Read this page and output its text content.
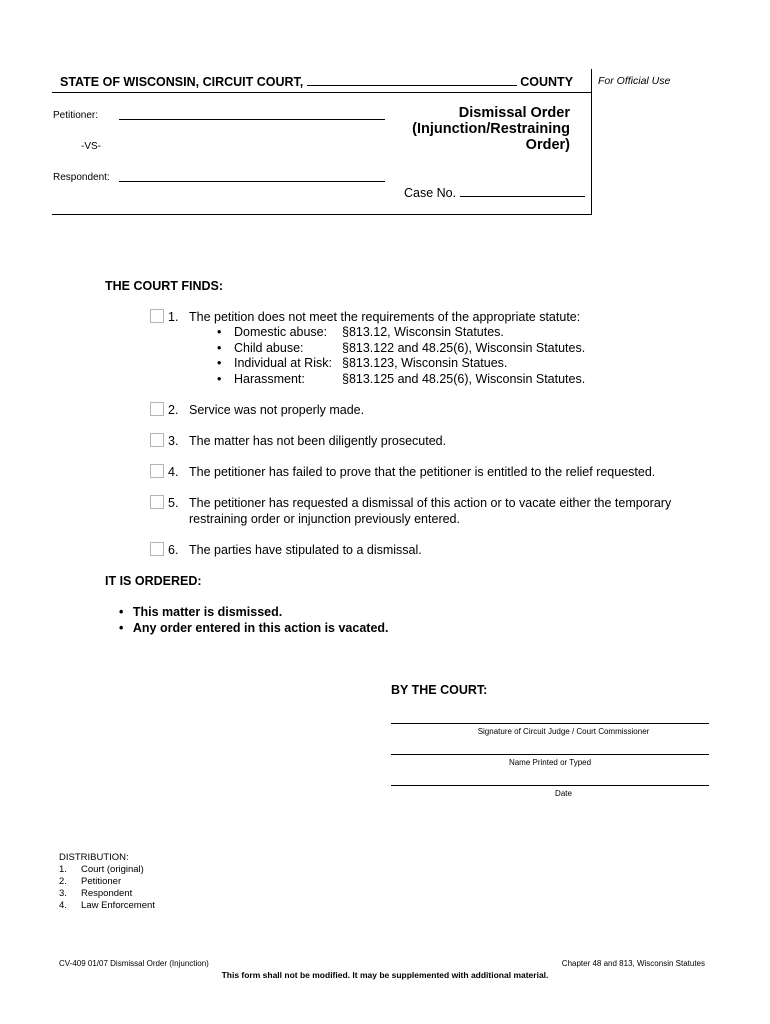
STATE OF WISCONSIN, CIRCUIT COURT,	COUNTY For Official Use
Petitioner:
-VS-
Respondent:
Dismissal Order (Injunction/Restraining Order)
Case No.
THE COURT FINDS:
1. The petition does not meet the requirements of the appropriate statute:
• Domestic abuse: §813.12, Wisconsin Statutes.
• Child abuse:	§813.122 and 48.25(6), Wisconsin Statutes.
• Individual at Risk: §813.123, Wisconsin Statues.
• Harassment:	§813.125 and 48.25(6), Wisconsin Statutes.
2. Service was not properly made.
3. The matter has not been diligently prosecuted.
4. The petitioner has failed to prove that the petitioner is entitled to the relief requested.
5. The petitioner has requested a dismissal of this action or to vacate either the temporary
restraining order or injunction previously entered.
6. The parties have stipulated to a dismissal.
IT IS ORDERED:
• This matter is dismissed.
• Any order entered in this action is vacated.
BY THE COURT:
Signature of Circuit Judge / Court Commissioner
Name Printed or Typed
Date
DISTRIBUTION:
1. Court (original)
2. Petitioner
3. Respondent
4. Law Enforcement
CV-409 01/07 Dismissal Order (Injunction)	Chapter 48 and 813, Wisconsin Statutes
This form shall not be modified. It may be supplemented with additional material.
